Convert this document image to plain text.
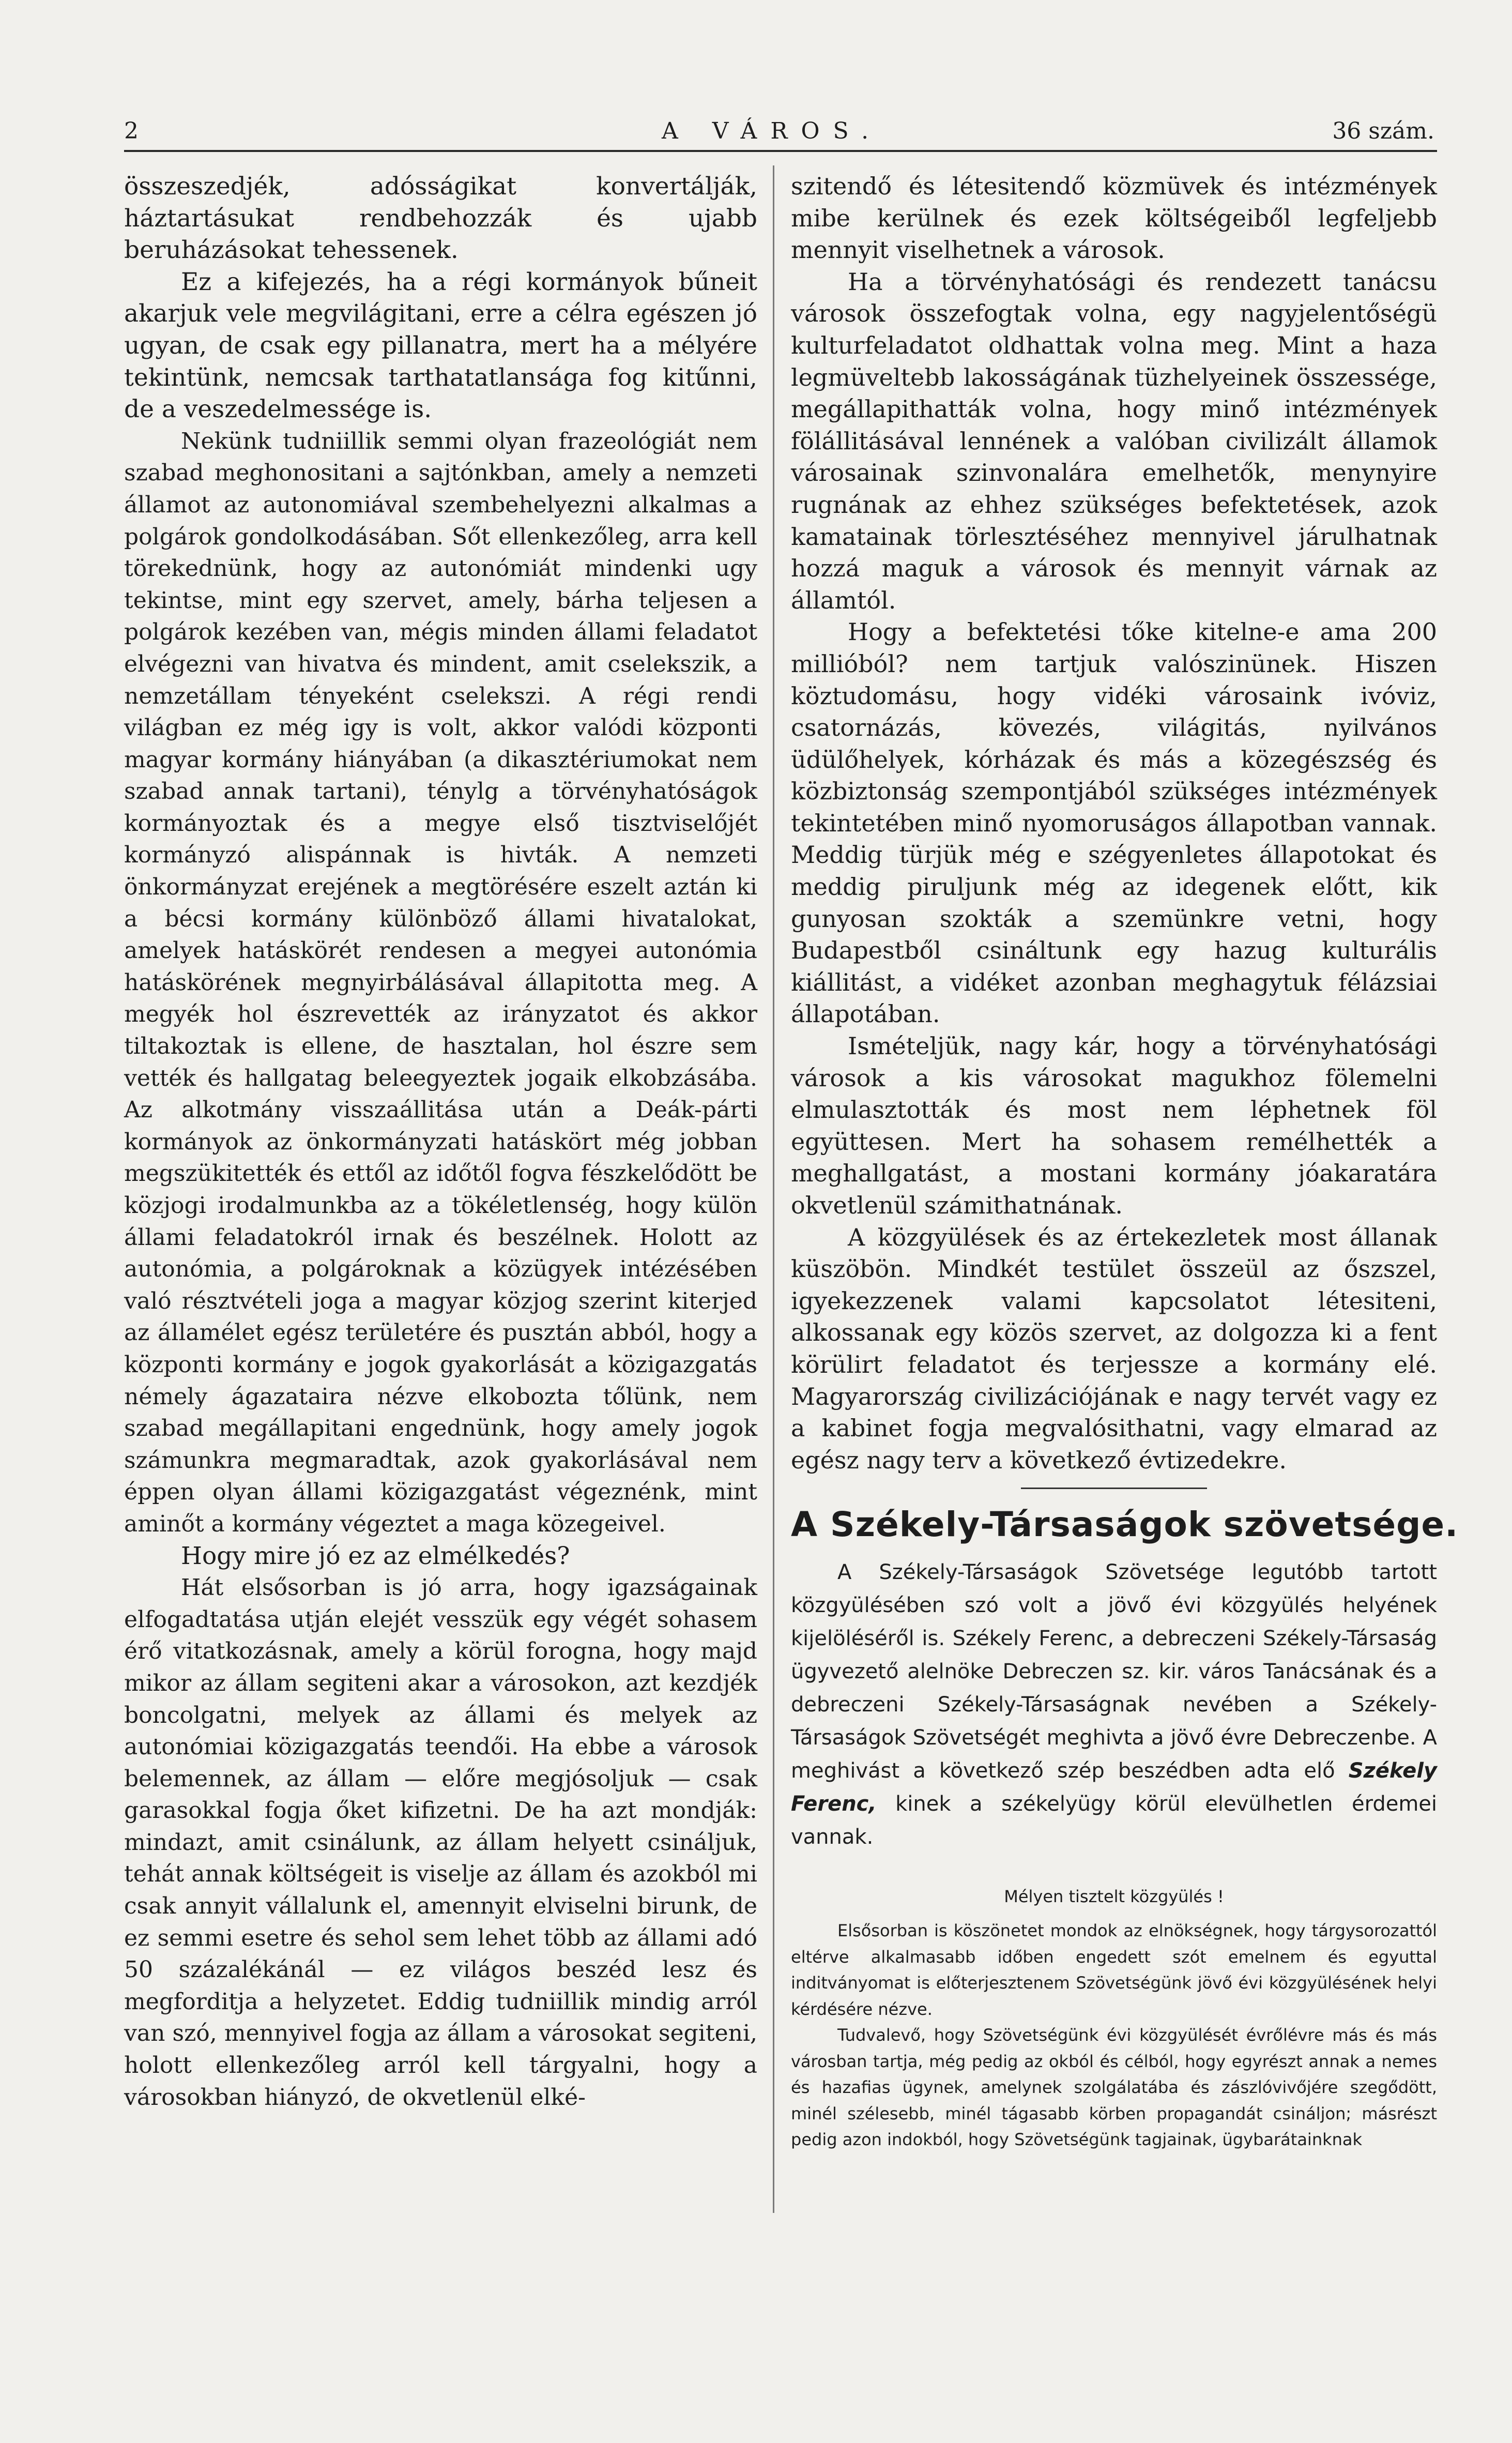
2	A VÁROS.	36 szám.

összeszedjék, adósságikat konvertálják, háztartásukat rendbehozzák és ujabb beruházásokat tehessenek.

Ez a kifejezés, ha a régi kormányok bűneit akarjuk vele megvilágitani, erre a célra egészen jó ugyan, de csak egy pillanatra, mert ha a mélyére tekintünk, nemcsak tarthatatlansága fog kitűnni, de a veszedelmessége is.

Nekünk tudniillik semmi olyan frazeológiát nem szabad meghonositani a sajtónkban, amely a nemzeti államot az autonomiával szembehelyezni alkalmas a polgárok gondolkodásában. Sőt ellenkezőleg, arra kell törekednünk, hogy az autonómiát mindenki ugy tekintse, mint egy szervet, amely, bárha teljesen a polgárok kezében van, mégis minden állami feladatot elvégezni van hivatva és mindent, amit cselekszik, a nemzetállam tényeként cselekszi. A régi rendi világban ez még igy is volt, akkor valódi központi magyar kormány hiányában (a dikasztériumokat nem szabad annak tartani), ténylg a törvényhatóságok kormányoztak és a megye első tisztviselőjét kormányzó alispánnak is hivták. A nemzeti önkormányzat erejének a megtörésére eszelt aztán ki a bécsi kormány különböző állami hivatalokat, amelyek hatáskörét rendesen a megyei autonómia hatáskörének megnyirbálásával állapitotta meg. A megyék hol észrevették az irányzatot és akkor tiltakoztak is ellene, de hasztalan, hol észre sem vették és hallgatag beleegyeztek jogaik elkobzásába. Az alkotmány visszaállitása után a Deák-párti kormányok az önkormányzati hatáskört még jobban megszükitették és ettől az időtől fogva fészkelődött be közjogi irodalmunkba az a tökéletlenség, hogy külön állami feladatokról irnak és beszélnek. Holott az autonómia, a polgároknak a közügyek intézésében való résztvételi joga a magyar közjog szerint kiterjed az államélet egész területére és pusztán abból, hogy a központi kormány e jogok gyakorlását a közigazgatás némely ágazataira nézve elkobozta tőlünk, nem szabad megállapitani engednünk, hogy amely jogok számunkra megmaradtak, azok gyakorlásával nem éppen olyan állami közigazgatást végeznénk, mint aminőt a kormány végeztet a maga közegeivel.

Hogy mire jó ez az elmélkedés?

Hát elsősorban is jó arra, hogy igazságainak elfogadtatása utján elejét vesszük egy végét sohasem érő vitatkozásnak, amely a körül forogna, hogy majd mikor az állam segiteni akar a városokon, azt kezdjék boncolgatni, melyek az állami és melyek az autonómiai közigazgatás teendői. Ha ebbe a városok belemennek, az állam — előre megjósoljuk — csak garasokkal fogja őket kifizetni. De ha azt mondják: mindazt, amit csinálunk, az állam helyett csináljuk, tehát annak költségeit is viselje az állam és azokból mi csak annyit vállalunk el, amennyit elviselni birunk, de ez semmi esetre és sehol sem lehet több az állami adó 50 százalékánál — ez világos beszéd lesz és megforditja a helyzetet. Eddig tudniillik mindig arról van szó, mennyivel fogja az állam a városokat segiteni, holott ellenkezőleg arról kell tárgyalni, hogy a városokban hiányzó, de okvetlenül elké-

szitendő és létesitendő közmüvek és intézmények mibe kerülnek és ezek költségeiből legfeljebb mennyit viselhetnek a városok.

Ha a törvényhatósági és rendezett tanácsu városok összefogtak volna, egy nagyjelentőségü kulturfeladatot oldhattak volna meg. Mint a haza legmüveltebb lakosságának tüzhelyeinek összessége, megállapithatták volna, hogy minő intézmények fölállitásával lennének a valóban civilizált államok városainak szinvonalára emelhetők, menynyire rugnának az ehhez szükséges befektetések, azok kamatainak törlesztéséhez mennyivel járulhatnak hozzá maguk a városok és mennyit várnak az államtól.

Hogy a befektetési tőke kitelne-e ama 200 millióból? nem tartjuk valószinünek. Hiszen köztudomásu, hogy vidéki városaink ivóviz, csatornázás, kövezés, világitás, nyilvános üdülőhelyek, kórházak és más a közegészség és közbiztonság szempontjából szükséges intézmények tekintetében minő nyomoruságos állapotban vannak. Meddig türjük még e szégyenletes állapotokat és meddig piruljunk még az idegenek előtt, kik gunyosan szokták a szemünkre vetni, hogy Budapestből csináltunk egy hazug kulturális kiállitást, a vidéket azonban meghagytuk félázsiai állapotában.

Ismételjük, nagy kár, hogy a törvényhatósági városok a kis városokat magukhoz fölemelni elmulasztották és most nem léphetnek föl együttesen. Mert ha sohasem remélhették a meghallgatást, a mostani kormány jóakaratára okvetlenül számithatnának.

A közgyülések és az értekezletek most állanak küszöbön. Mindkét testület összeül az őszszel, igyekezzenek valami kapcsolatot létesiteni, alkossanak egy közös szervet, az dolgozza ki a fent körülirt feladatot és terjessze a kormány elé. Magyarország civilizációjának e nagy tervét vagy ez a kabinet fogja megvalósithatni, vagy elmarad az egész nagy terv a következő évtizedekre.

A Székely-Társaságok szövetsége.

A Székely-Társaságok Szövetsége legutóbb tartott közgyülésében szó volt a jövő évi közgyülés helyének kijelöléséről is. Székely Ferenc, a debreczeni Székely-Társaság ügyvezető alelnöke Debreczen sz. kir. város Tanácsának és a debreczeni Székely-Társaságnak nevében a Székely-Társaságok Szövetségét meghivta a jövő évre Debreczenbe. A meghivást a következő szép beszédben adta elő Székely Ferenc, kinek a székelyügy körül elevülhetlen érdemei vannak.

Mélyen tisztelt közgyülés !

Elsősorban is köszönetet mondok az elnökségnek, hogy tárgysorozattól eltérve alkalmasabb időben engedett szót emelnem és egyuttal inditványomat is előterjesztenem Szövetségünk jövő évi közgyülésének helyi kérdésére nézve.

Tudvalevő, hogy Szövetségünk évi közgyülését évrőlévre más és más városban tartja, még pedig az okból és célból, hogy egyrészt annak a nemes és hazafias ügynek, amelynek szolgálatába és zászlóvivőjére szegődött, minél szélesebb, minél tágasabb körben propagandát csináljon; másrészt pedig azon indokból, hogy Szövetségünk tagjainak, ügybarátainknak
